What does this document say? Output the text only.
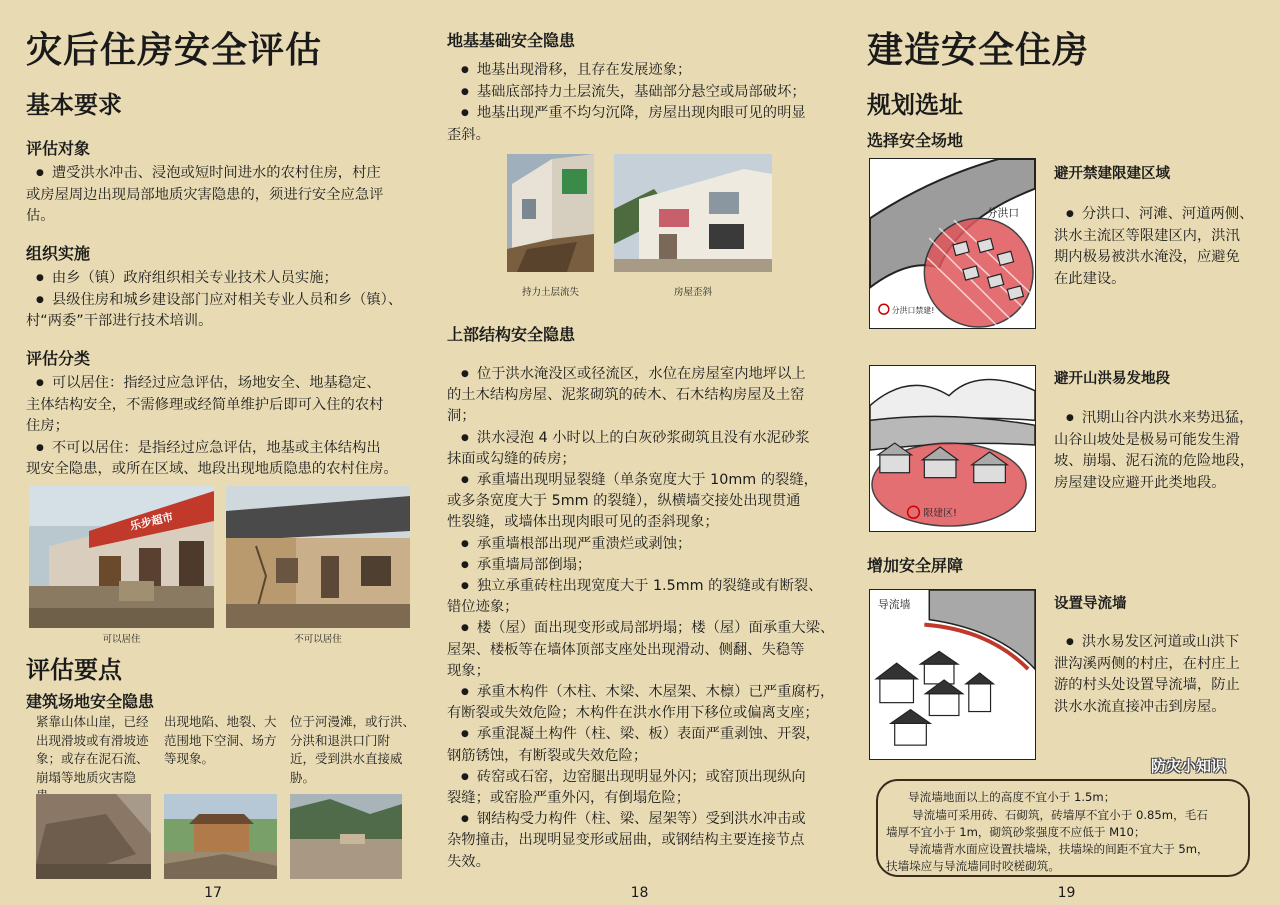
灾后住房安全评估
基本要求
评估对象
● 遭受洪水冲击、浸泡或短时间进水的农村住房，村庄
或房屋周边出现局部地质灾害隐患的，须进行安全应急评
估。
组织实施
● 由乡（镇）政府组织相关专业技术人员实施；
● 县级住房和城乡建设部门应对相关专业人员和乡（镇）、
村“两委”干部进行技术培训。
评估分类
● 可以居住：指经过应急评估，场地安全、地基稳定、
主体结构安全，不需修理或经简单维护后即可入住的农村
住房；
● 不可以居住：是指经过应急评估，地基或主体结构出
现安全隐患，或所在区域、地段出现地质隐患的农村住房。
乐步超市
可以居住	不可以居住
评估要点
建筑场地安全隐患
紧靠山体山崖，已经
出现滑坡或有滑坡迹
象；或存在泥石流、
崩塌等地质灾害隐
出现地陷、地裂、大
范围地下空洞、场方
等现象。
位于河漫滩，或行洪、
分洪和退洪口门附
近，受到洪水直接威
胁。
17
地基基础安全隐患
● 地基出现滑移，且存在发展迹象；
● 基础底部持力土层流失，基础部分悬空或局部破坏；
● 地基出现严重不均匀沉降，房屋出现肉眼可见的明显
歪斜。
持力土层流失	房屋歪斜
上部结构安全隐患
● 位于洪水淹没区或径流区，水位在房屋室内地坪以上
的土木结构房屋、泥浆砌筑的砖木、石木结构房屋及土窑
洞；
● 洪水浸泡 4 小时以上的白灰砂浆砌筑且没有水泥砂浆
抹面或勾缝的砖房；
● 承重墙出现明显裂缝（单条宽度大于 10mm 的裂缝，
或多条宽度大于 5mm 的裂缝），纵横墙交接处出现贯通
性裂缝，或墙体出现肉眼可见的歪斜现象；
● 承重墙根部出现严重溃烂或剥蚀；
● 承重墙局部倒塌；
● 独立承重砖柱出现宽度大于 1.5mm 的裂缝或有断裂、
错位迹象；
● 楼（屋）面出现变形或局部坍塌；楼（屋）面承重大梁、
屋架、楼板等在墙体顶部支座处出现滑动、侧翻、失稳等
现象；
● 承重木构件（木柱、木梁、木屋架、木檩）已严重腐朽，
有断裂或失效危险；木构件在洪水作用下移位或偏离支座；
● 承重混凝土构件（柱、梁、板）表面严重剥蚀、开裂，
钢筋锈蚀，有断裂或失效危险；
● 砖窑或石窑，边窑腿出现明显外闪；或窑顶出现纵向
裂缝；或窑脸严重外闪，有倒塌危险；
● 钢结构受力构件（柱、梁、屋架等）受到洪水冲击或
杂物撞击，出现明显变形或屈曲，或钢结构主要连接节点
失效。
18
建造安全住房
规划选址
选择安全场地
分洪口
分洪口禁建!
避开禁建限建区域
● 分洪口、河滩、河道两侧、
洪水主流区等限建区内，洪汛
期内极易被洪水淹没，应避免
在此建设。
限建区!
避开山洪易发地段
● 汛期山谷内洪水来势迅猛，
山谷山坡处是极易可能发生滑
坡、崩塌、泥石流的危险地段，
房屋建设应避开此类地段。
增加安全屏障
导流墙	设置导流墙
● 洪水易发区河道或山洪下
泄沟溪两侧的村庄，在村庄上
游的村头处设置导流墙，防止
洪水水流直接冲击到房屋。
防灾小知识
19
导流墙地面以上的高度不宜小于 1.5m；
导流墙可采用砖、石砌筑，砖墙厚不宜小于 0.85m，毛石
墙厚不宜小于 1m，砌筑砂浆强度不应低于 M10；
导流墙背水面应设置扶墙垛，扶墙垛的间距不宜大于 5m，
扶墙垛应与导流墙同时咬槎砌筑。
